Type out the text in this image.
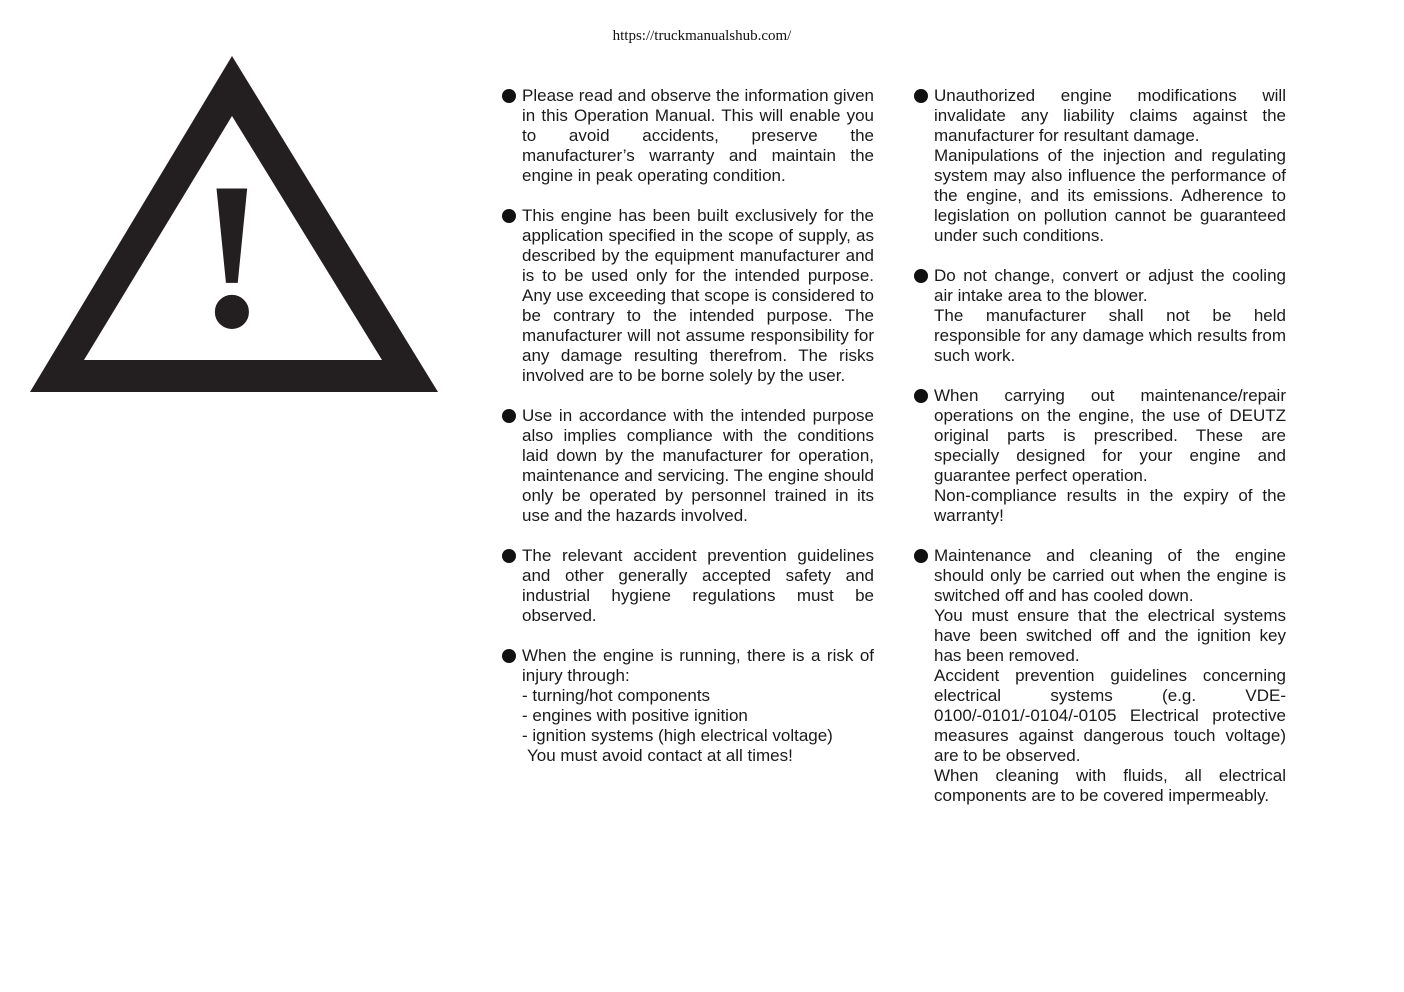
https://truckmanualshub.com/
!
Please read and observe the information given in this Operation Manual. This will enable you to avoid accidents, preserve the manufacturer’s warranty and maintain the engine in peak operating condition.
This engine has been built exclusively for the application specified in the scope of supply, as described by the equipment manufacturer and is to be used only for the intended purpose. Any use exceeding that scope is considered to be contrary to the intended purpose. The manufacturer will not assume responsibility for any damage resulting therefrom. The risks involved are to be borne solely by the user.
Use in accordance with the intended purpose also implies compliance with the conditions laid down by the manufacturer for operation, maintenance and servicing. The engine should only be operated by personnel trained in its use and the hazards involved.
The relevant accident prevention guidelines and other generally accepted safety and industrial hygiene regulations must be observed.
When the engine is running, there is a risk of injury through:
- turning/hot components
- engines with positive ignition
- ignition systems (high electrical voltage)
You must avoid contact at all times!
Unauthorized engine modifications will invalidate any liability claims against the manufacturer for resultant damage.
Manipulations of the injection and regulating system may also influence the performance of the engine, and its emissions. Adherence to legislation on pollution cannot be guaranteed under such conditions.
Do not change, convert or adjust the cooling air intake area to the blower.
The manufacturer shall not be held responsible for any damage which results from such work.
When carrying out maintenance/repair operations on the engine, the use of DEUTZ original parts is prescribed. These are specially designed for your engine and guarantee perfect operation.
Non-compliance results in the expiry of the warranty!
Maintenance and cleaning of the engine should only be carried out when the engine is switched off and has cooled down.
You must ensure that the electrical systems have been switched off and the ignition key has been removed.
Accident prevention guidelines concerning electrical systems (e.g. VDE-0100/-0101/-0104/-0105 Electrical protective measures against dangerous touch voltage) are to be observed.
When cleaning with fluids, all electrical components are to be covered impermeably.
